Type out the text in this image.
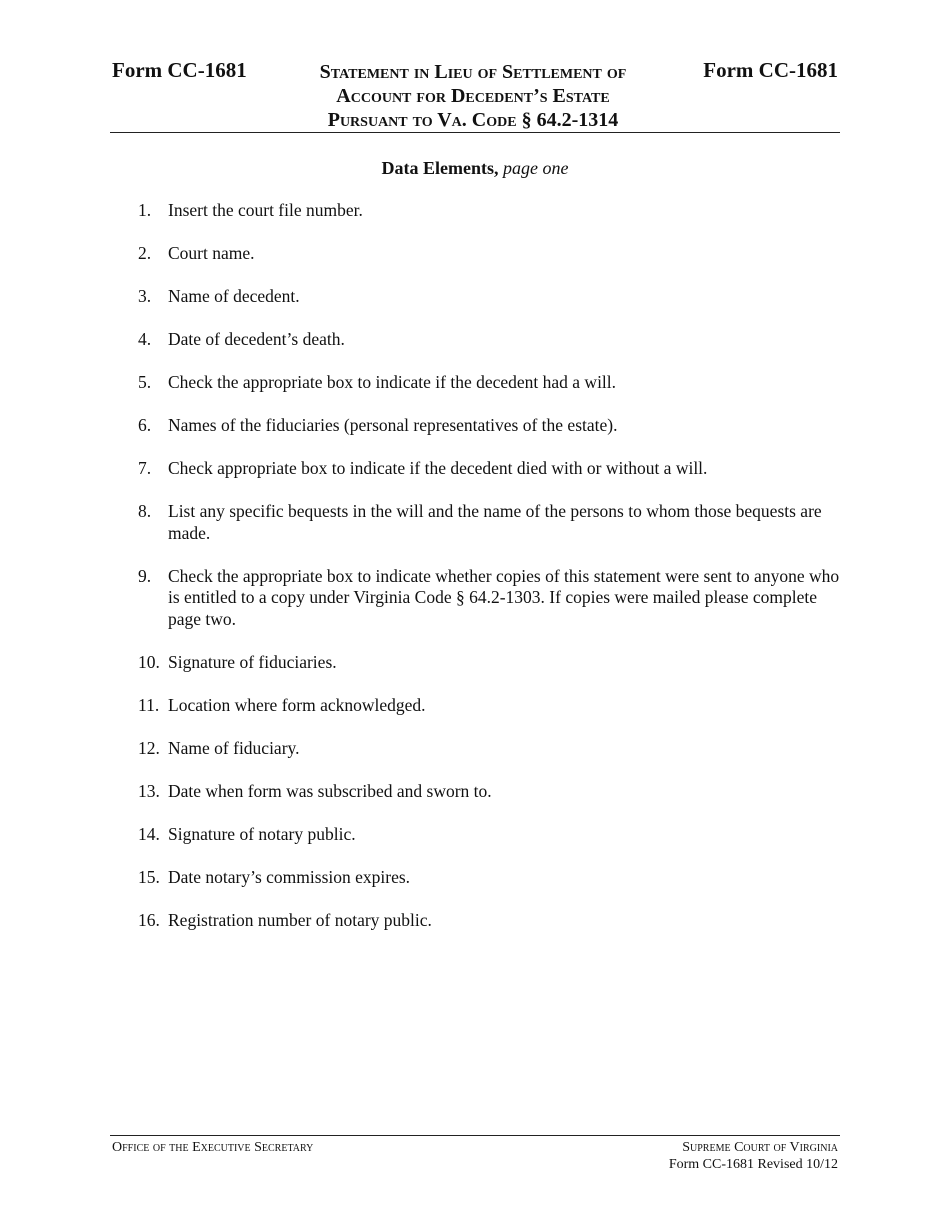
Form CC-1681	Statement in Lieu of Settlement of
Account for Decedent’s Estate
Pursuant to Va. Code § 64.2-1314
Form CC-1681
Data Elements, page one
1. Insert the court file number.
2. Court name.
3. Name of decedent.
4. Date of decedent’s death.
5. Check the appropriate box to indicate if the decedent had a will.
6. Names of the fiduciaries (personal representatives of the estate).
7. Check appropriate box to indicate if the decedent died with or without a will.
8. List any specific bequests in the will and the name of the persons to whom those bequests are made.
9. Check the appropriate box to indicate whether copies of this statement were sent to anyone who is entitled to a copy under Virginia Code § 64.2-1303. If copies were mailed please complete page two.
10. Signature of fiduciaries.
11. Location where form acknowledged.
12. Name of fiduciary.
13. Date when form was subscribed and sworn to.
14. Signature of notary public.
15. Date notary’s commission expires.
16. Registration number of notary public.
Office of the Executive Secretary	Supreme Court of Virginia
Form CC-1681 Revised 10/12
